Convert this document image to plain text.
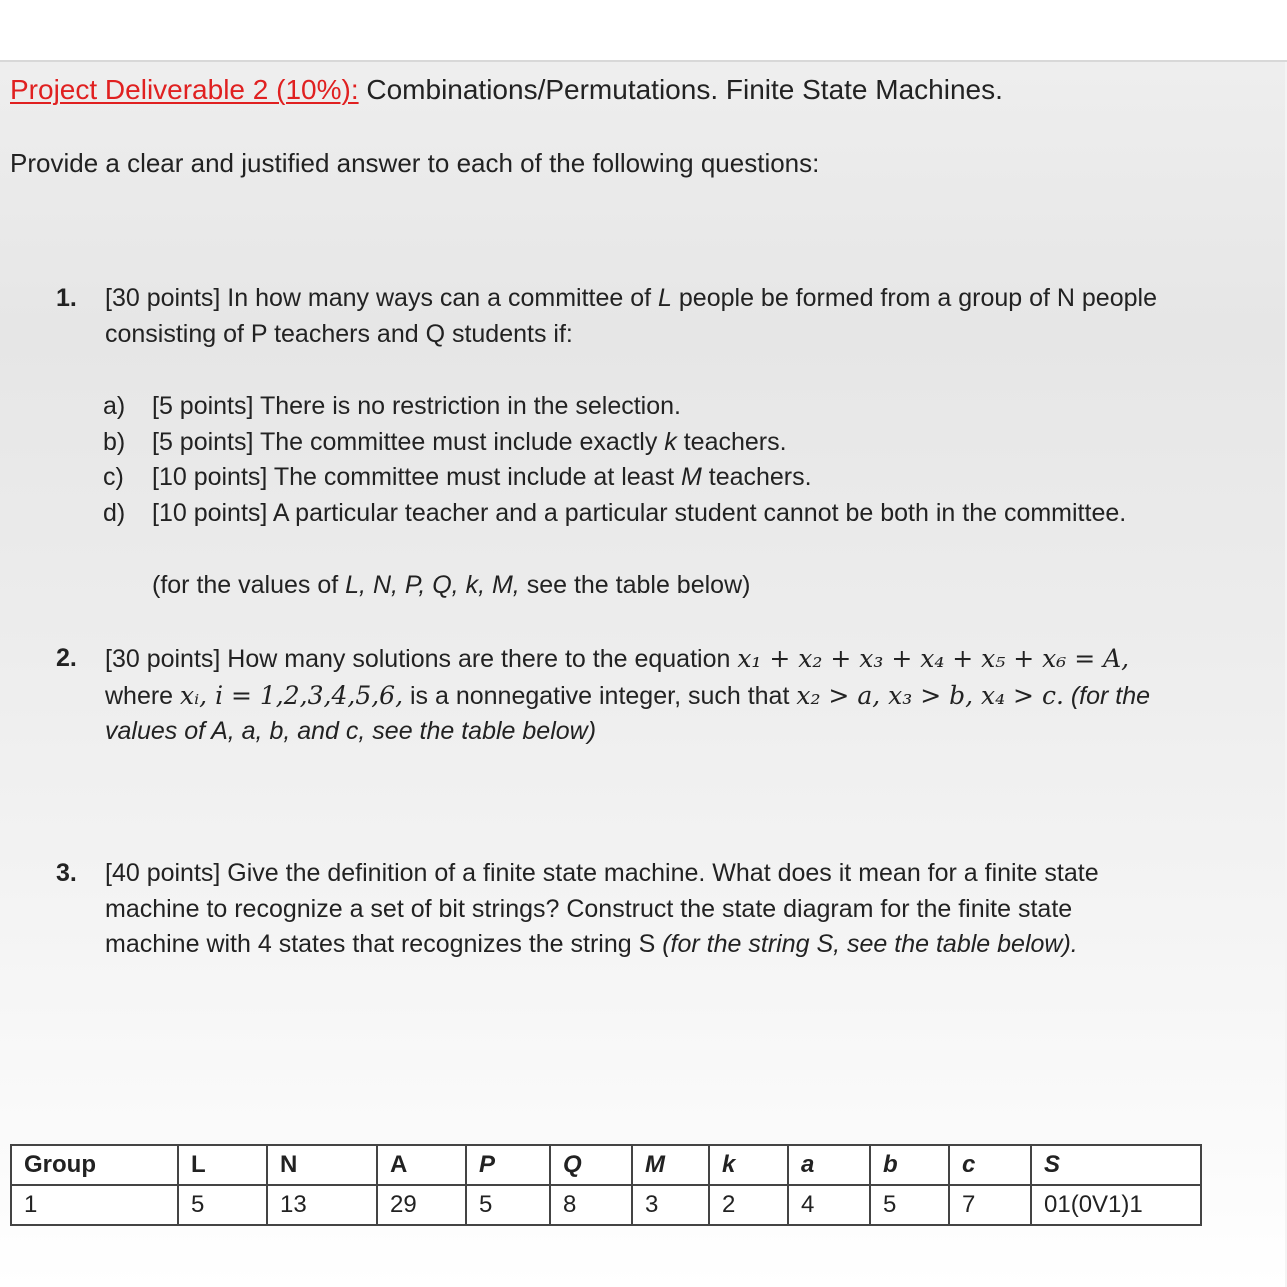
Project Deliverable 2 (10%): Combinations/Permutations. Finite State Machines.
Provide a clear and justified answer to each of the following questions:
1. [30 points] In how many ways can a committee of L people be formed from a group of N people
consisting of P teachers and Q students if:
a) [5 points] There is no restriction in the selection.
b) [5 points] The committee must include exactly k teachers.
c) [10 points] The committee must include at least M teachers.
d) [10 points] A particular teacher and a particular student cannot be both in the committee.
(for the values of L, N, P, Q, k, M, see the table below)
2. [30 points] How many solutions are there to the equation x₁ + x₂ + x₃ + x₄ + x₅ + x₆ = A,
where xᵢ, i = 1,2,3,4,5,6, is a nonnegative integer, such that x₂ > a, x₃ > b, x₄ > c. (for the
values of A, a, b, and c, see the table below)
3. [40 points] Give the definition of a finite state machine. What does it mean for a finite state
machine to recognize a set of bit strings? Construct the state diagram for the finite state
machine with 4 states that recognizes the string S (for the string S, see the table below).
Group	L	N	A	P	Q	M	k	a	b	c	S
1	5	13	29	5	8	3	2	4	5	7	01(0V1)1
